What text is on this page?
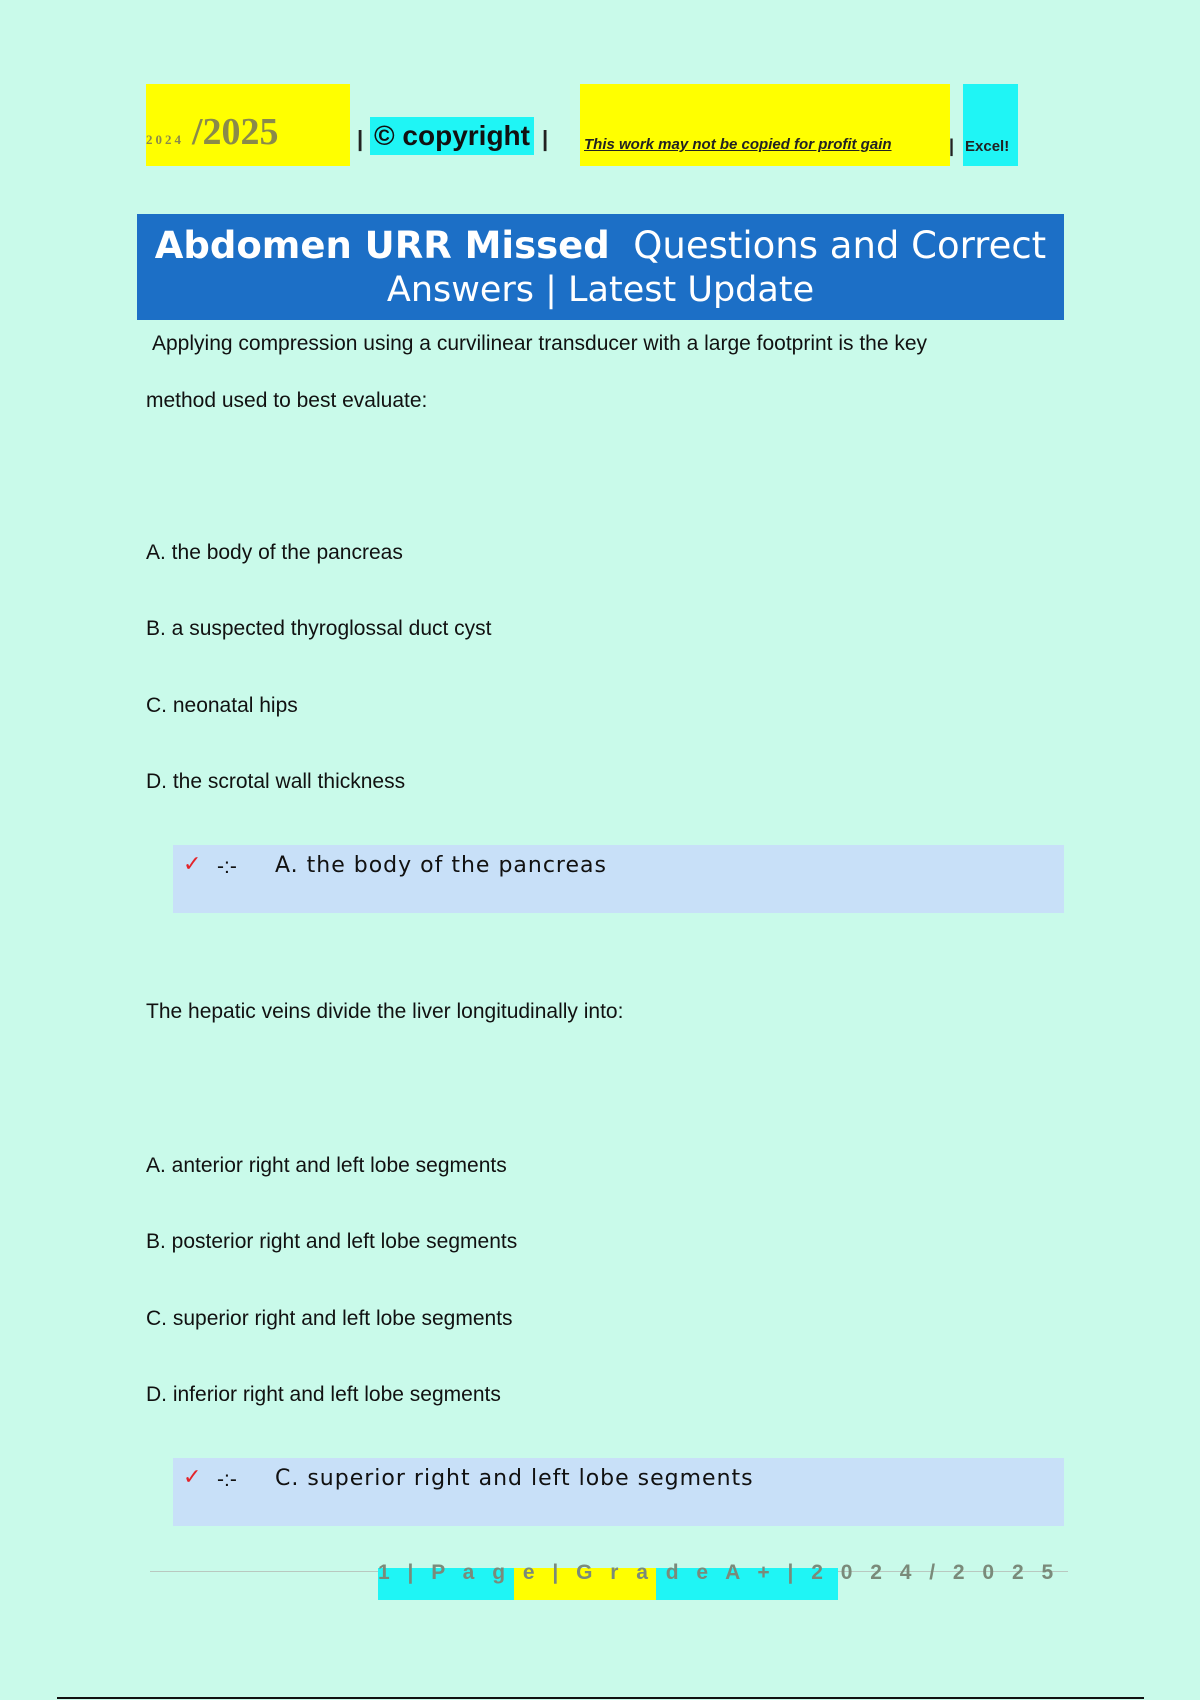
2024 /2025	| © copyright | This work may not be copied for profit gain	| Excel!
Abdomen URR Missed Questions and Correct
Answers | Latest Update
Applying compression using a curvilinear transducer with a large footprint is the key
method used to best evaluate:
A. the body of the pancreas
B. a suspected thyroglossal duct cyst
C. neonatal hips
D. the scrotal wall thickness
✓ -:- A. the body of the pancreas
The hepatic veins divide the liver longitudinally into:
A. anterior right and left lobe segments
B. posterior right and left lobe segments
C. superior right and left lobe segments
D. inferior right and left lobe segments
✓ -:- C. superior right and left lobe segments
1 | P a g e | G r a d e A + | 2 0 2 4 / 2 0 2 5
